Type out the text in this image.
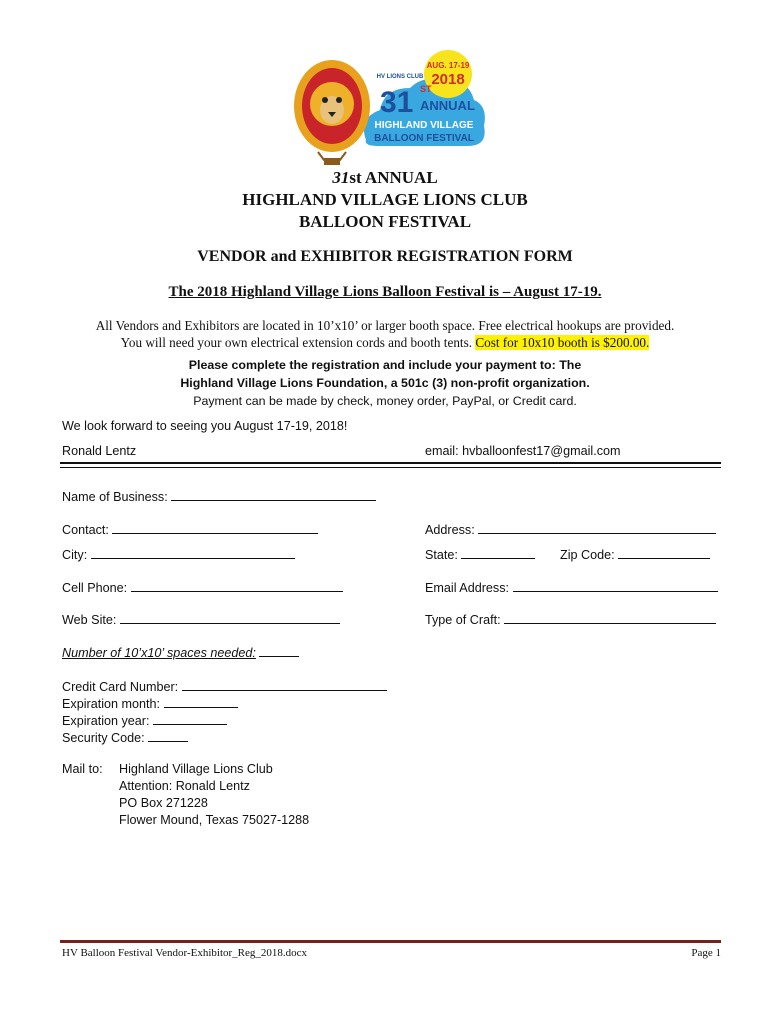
AUG. 17-19
2018
HV LIONS CLUB
31 ST
ANNUAL
HIGHLAND VILLAGE
BALLOON FESTIVAL
31st ANNUAL
HIGHLAND VILLAGE LIONS CLUB
BALLOON FESTIVAL
VENDOR and EXHIBITOR REGISTRATION FORM
The 2018 Highland Village Lions Balloon Festival is – August 17-19.
All Vendors and Exhibitors are located in 10’x10’ or larger booth space. Free electrical hookups are provided.
You will need your own electrical extension cords and booth tents. Cost for 10x10 booth is $200.00.
Please complete the registration and include your payment to: The
Highland Village Lions Foundation, a 501c (3) non-profit organization.
Payment can be made by check, money order, PayPal, or Credit card.
We look forward to seeing you August 17-19, 2018!
Ronald Lentz	email: hvballoonfest17@gmail.com
Name of Business:
Contact:	Address:
City:	State:	Zip Code:
Cell Phone:	Email Address:
Web Site:	Type of Craft:
Number of 10’x10’ spaces needed:
Credit Card Number:
Expiration month:
Expiration year:
Security Code:
Mail to: Highland Village Lions Club
Attention: Ronald Lentz
PO Box 271228
Flower Mound, Texas 75027-1288
HV Balloon Festival Vendor-Exhibitor_Reg_2018.docx	Page 1
